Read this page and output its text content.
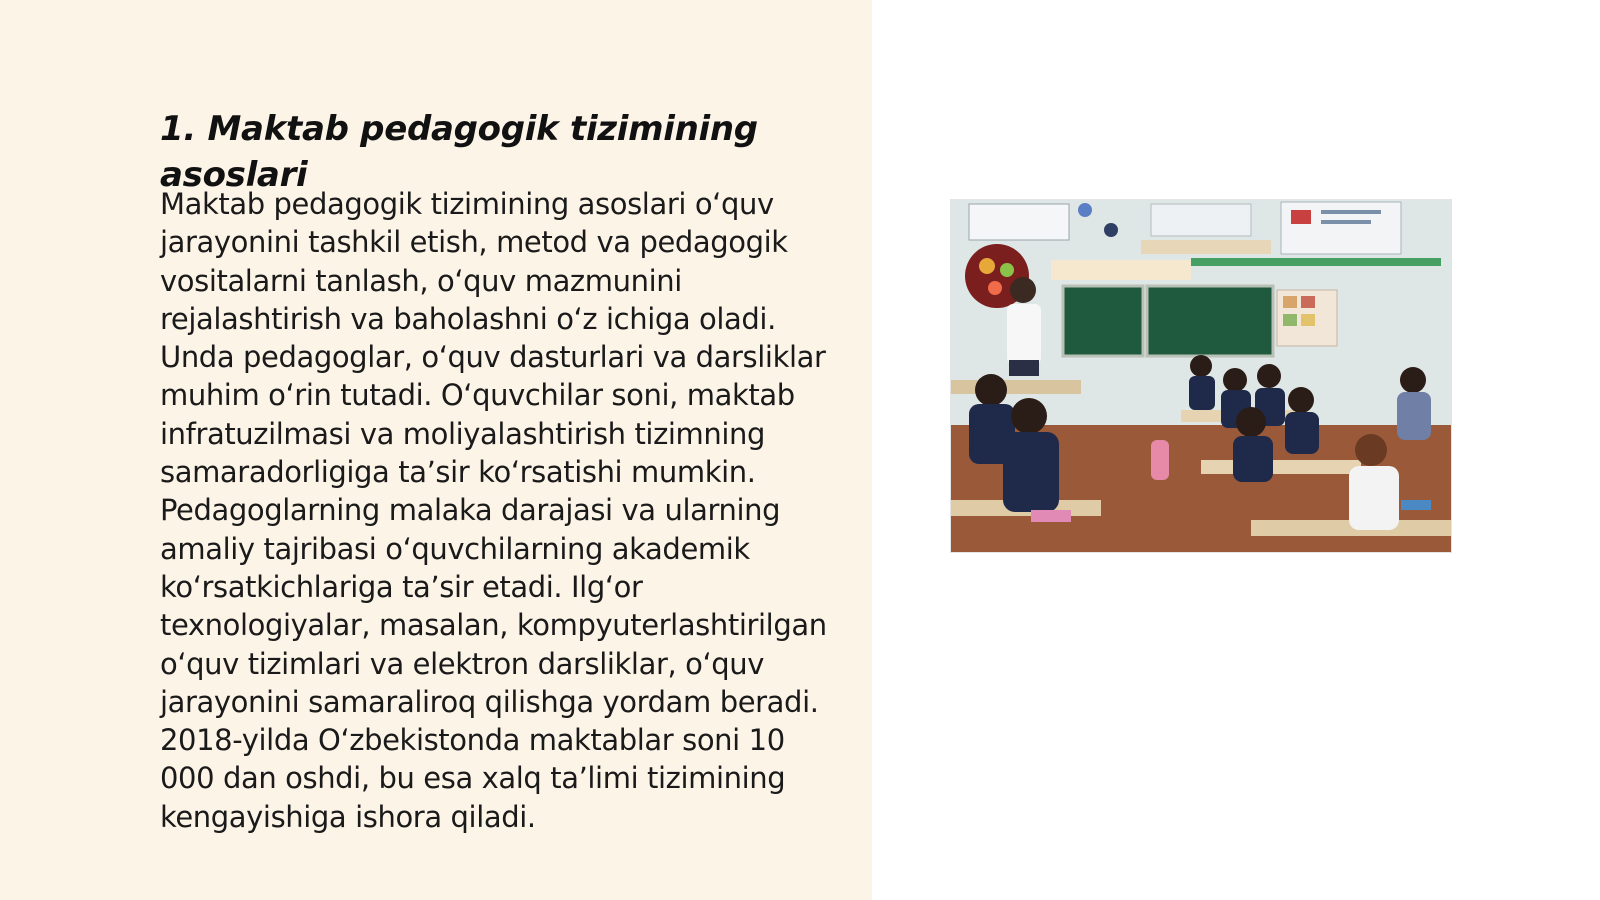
1. Maktab pedagogik tizimining asoslari

Maktab pedagogik tizimining asoslari o‘quv jarayonini tashkil etish, metod va pedagogik vositalarni tanlash, o‘quv mazmunini rejalashtirish va baholashni o‘z ichiga oladi. Unda pedagoglar, o‘quv dasturlari va darsliklar muhim o‘rin tutadi. O‘quvchilar soni, maktab infratuzilmasi va moliyalashtirish tizimning samaradorligiga ta’sir ko‘rsatishi mumkin. Pedagoglarning malaka darajasi va ularning amaliy tajribasi o‘quvchilarning akademik ko‘rsatkichlariga ta’sir etadi. Ilg‘or texnologiyalar, masalan, kompyuterlashtirilgan o‘quv tizimlari va elektron darsliklar, o‘quv jarayonini samaraliroq qilishga yordam beradi. 2018-yilda O‘zbekistonda maktablar soni 10 000 dan oshdi, bu esa xalq ta’limi tizimining kengayishiga ishora qiladi.
